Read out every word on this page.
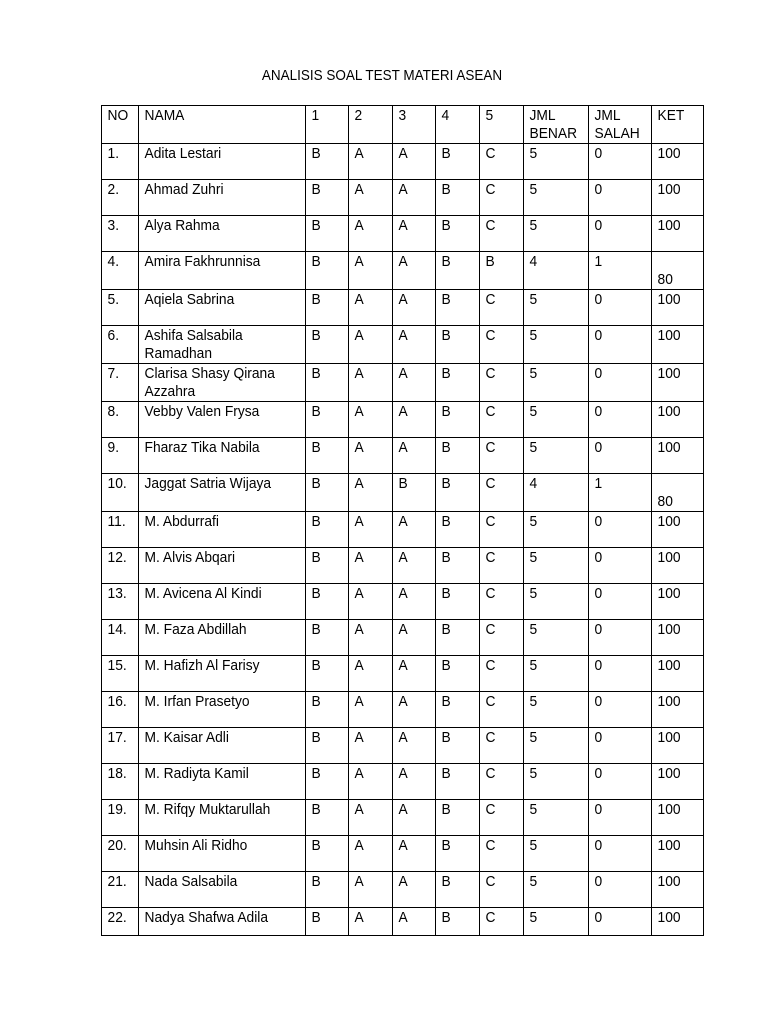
ANALISIS SOAL TEST MATERI ASEAN
NO	NAMA	1	2	3	4	5	JML BENAR	JML SALAH	KET

1.	Adita Lestari	B	A	A	B	C	5	0	100

2.	Ahmad Zuhri	B	A	A	B	C	5	0	100

3.	Alya Rahma	B	A	A	B	C	5	0	100

4.	Amira Fakhrunnisa	B	A	A	B	B	4	1	80

5.	Aqiela Sabrina	B	A	A	B	C	5	0	100

6.	Ashifa Salsabila Ramadhan	B	A	A	B	C	5	0	100

7.	Clarisa Shasy Qirana Azzahra	B	A	A	B	C	5	0	100

8.	Vebby Valen Frysa	B	A	A	B	C	5	0	100

9.	Fharaz Tika Nabila	B	A	A	B	C	5	0	100

10.	Jaggat Satria Wijaya	B	A	B	B	C	4	1	80

11.	M. Abdurrafi	B	A	A	B	C	5	0	100

12.	M. Alvis Abqari	B	A	A	B	C	5	0	100

13.	M. Avicena Al Kindi	B	A	A	B	C	5	0	100

14.	M. Faza Abdillah	B	A	A	B	C	5	0	100

15.	M. Hafizh Al Farisy	B	A	A	B	C	5	0	100

16.	M. Irfan Prasetyo	B	A	A	B	C	5	0	100

17.	M. Kaisar Adli	B	A	A	B	C	5	0	100

18.	M. Radiyta Kamil	B	A	A	B	C	5	0	100

19.	M. Rifqy Muktarullah	B	A	A	B	C	5	0	100

20.	Muhsin Ali Ridho	B	A	A	B	C	5	0	100

21.	Nada Salsabila	B	A	A	B	C	5	0	100

22.	Nadya Shafwa Adila	B	A	A	B	C	5	0	100
